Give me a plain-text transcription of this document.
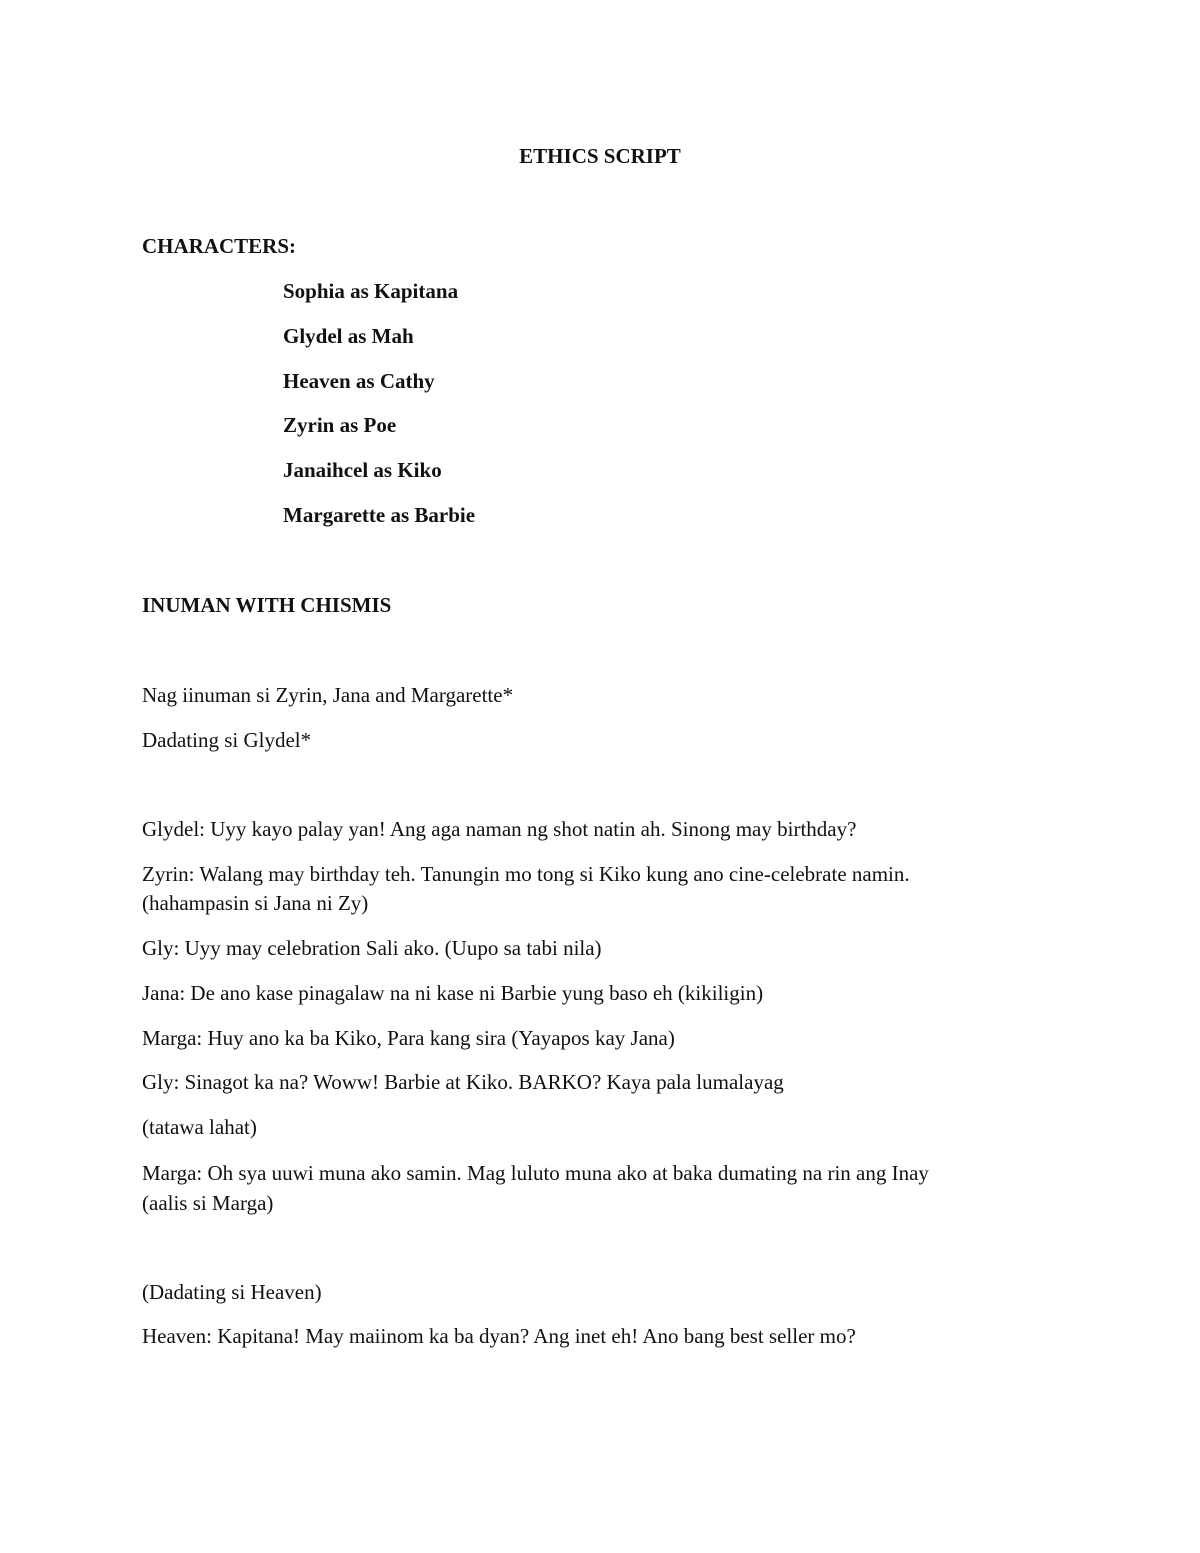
ETHICS SCRIPT
CHARACTERS:
Sophia as Kapitana
Glydel as Mah
Heaven as Cathy
Zyrin as Poe
Janaihcel as Kiko
Margarette as Barbie
INUMAN WITH CHISMIS
Nag iinuman si Zyrin, Jana and Margarette*
Dadating si Glydel*
Glydel: Uyy kayo palay yan! Ang aga naman ng shot natin ah. Sinong may birthday?
Zyrin: Walang may birthday teh. Tanungin mo tong si Kiko kung ano cine-celebrate namin.
(hahampasin si Jana ni Zy)
Gly: Uyy may celebration Sali ako. (Uupo sa tabi nila)
Jana: De ano kase pinagalaw na ni kase ni Barbie yung baso eh (kikiligin)
Marga: Huy ano ka ba Kiko, Para kang sira (Yayapos kay Jana)
Gly: Sinagot ka na? Woww! Barbie at Kiko. BARKO? Kaya pala lumalayag
(tatawa lahat)
Marga: Oh sya uuwi muna ako samin. Mag luluto muna ako at baka dumating na rin ang Inay
(aalis si Marga)
(Dadating si Heaven)
Heaven: Kapitana! May maiinom ka ba dyan? Ang inet eh! Ano bang best seller mo?
